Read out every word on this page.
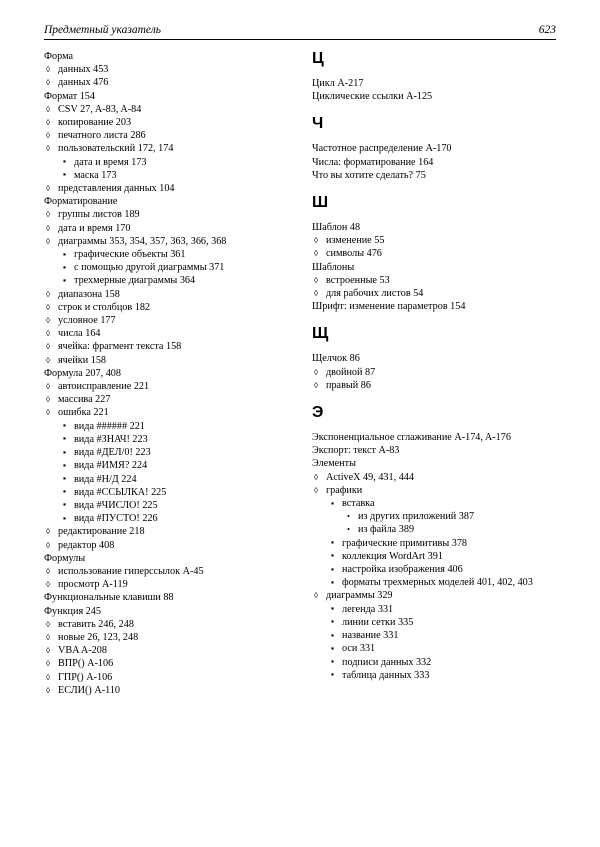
Предметный указатель	623
Форма
◊ данных 453
◊ данных 476
Формат 154
◊ CSV 27, A-83, A-84
◊ копирование 203
◊ печатного листа 286
◊ пользовательский 172, 174
▪ дата и время 173
▪ маска 173
◊ представления данных 104
Форматирование
◊ группы листов 189
◊ дата и время 170
◊ диаграммы 353, 354, 357, 363, 366, 368
▪ графические объекты 361
▪ с помощью другой диаграммы 371
▪ трехмерные диаграммы 364
◊ диапазона 158
◊ строк и столбцов 182
◊ условное 177
◊ числа 164
◊ ячейка: фрагмент текста 158
◊ ячейки 158
Формула 207, 408
◊ автоисправление 221
◊ массива 227
◊ ошибка 221
▪ вида ###### 221
▪ вида #ЗНАЧ! 223
▪ вида #ДЕЛ/0! 223
▪ вида #ИМЯ? 224
▪ вида #Н/Д 224
▪ вида #ССЫЛКА! 225
▪ вида #ЧИСЛО! 225
▪ вида #ПУСТО! 226
◊ редактирование 218
◊ редактор 408
Формулы
◊ использование гиперссылок A-45
◊ просмотр A-119
Функциональные клавиши 88
Функция 245
◊ вставить 246, 248
◊ новые 26, 123, 248
◊ VBA A-208
◊ ВПР() A-106
◊ ГПР() A-106
◊ ЕСЛИ() A-110
Ц
Цикл A-217
Циклические ссылки A-125
Ч
Частотное распределение A-170
Числа: форматирование 164
Что вы хотите сделать? 75
Ш
Шаблон 48
◊ изменение 55
◊ символы 476
Шаблоны
◊ встроенные 53
◊ для рабочих листов 54
Шрифт: изменение параметров 154
Щ
Щелчок 86
◊ двойной 87
◊ правый 86
Э
Экспоненциальное сглаживание A-174, A-176
Экспорт: текст A-83
Элементы
◊ ActiveX 49, 431, 444
◊ графики
▪ вставка
• из других приложений 387
• из файла 389
▪ графические примитивы 378
▪ коллекция WordArt 391
▪ настройка изображения 406
▪ форматы трехмерных моделей 401, 402, 403
◊ диаграммы 329
▪ легенда 331
▪ линии сетки 335
▪ название 331
▪ оси 331
▪ подписи данных 332
▪ таблица данных 333
